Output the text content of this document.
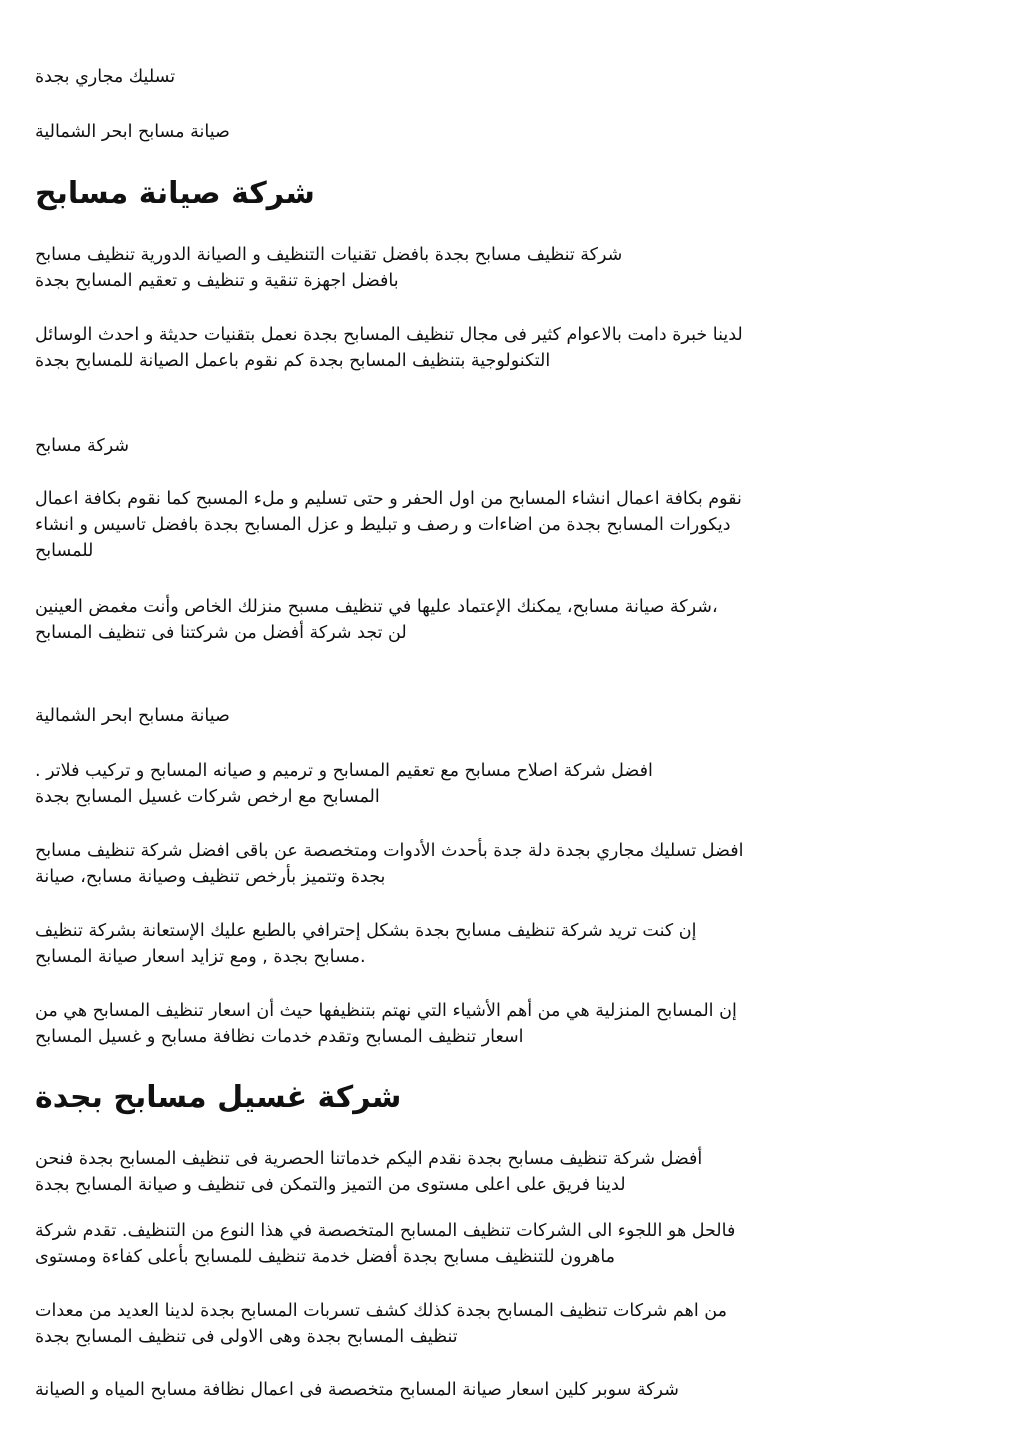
تسليك مجاري بجدة

صيانة مسابح ابحر الشمالية

شركة صيانة مسابح
شركة تنظيف مسابح بجدة بافضل تقنيات التنظيف و الصيانة الدورية تنظيف مسابح
بافضل اجهزة تنقية و تنظيف و تعقيم المسابح بجدة
لدينا خبرة دامت بالاعوام كثير فى مجال تنظيف المسابح بجدة نعمل بتقنيات حديثة و احدث الوسائل
التكنولوجية بتنظيف المسابح بجدة كم نقوم باعمل الصيانة للمسابح بجدة

شركة مسابح

نقوم بكافة اعمال انشاء المسابح من اول الحفر و حتى تسليم و ملء المسبح كما نقوم بكافة اعمال
ديكورات المسابح بجدة من اضاءات و رصف و تبليط و عزل المسابح بجدة بافضل تاسيس و انشاء
للمسابح
شركة صيانة مسابح، يمكنك الإعتماد عليها في تنظيف مسبح منزلك الخاص وأنت مغمض العينين،
لن تجد شركة أفضل من شركتنا فى تنظيف المسابح

صيانة مسابح ابحر الشمالية

. افضل شركة اصلاح مسابح مع تعقيم المسابح و ترميم و صيانه المسابح و تركيب فلاتر
المسابح مع ارخص شركات غسيل المسابح بجدة
افضل تسليك مجاري بجدة دلة جدة بأحدث الأدوات ومتخصصة عن باقى افضل شركة تنظيف مسابح
بجدة وتتميز بأرخص تنظيف وصيانة مسابح، صيانة
إن كنت تريد شركة تنظيف مسابح بجدة بشكل إحترافي بالطبع عليك الإستعانة بشركة تنظيف
مسابح بجدة , ومع تزايد اسعار صيانة المسابح.
إن المسابح المنزلية هي من أهم الأشياء التي نهتم بتنظيفها حيث أن اسعار تنظيف المسابح هي من
اسعار تنظيف المسابح وتقدم خدمات نظافة مسابح و غسيل المسابح
شركة غسيل مسابح بجدة
أفضل شركة تنظيف مسابح بجدة نقدم اليكم خدماتنا الحصرية فى تنظيف المسابح بجدة فنحن
لدينا فريق على اعلى مستوى من التميز والتمكن فى تنظيف و صيانة المسابح بجدة
فالحل هو اللجوء الى الشركات تنظيف المسابح المتخصصة في هذا النوع من التنظيف. تقدم شركة
ماهرون للتنظيف مسابح بجدة أفضل خدمة تنظيف للمسابح بأعلى كفاءة ومستوى
من اهم شركات تنظيف المسابح بجدة كذلك كشف تسربات المسابح بجدة لدينا العديد من معدات
تنظيف المسابح بجدة وهى الاولى فى تنظيف المسابح بجدة
شركة سوبر كلين اسعار صيانة المسابح متخصصة فى اعمال نظافة مسابح المياه و الصيانة
